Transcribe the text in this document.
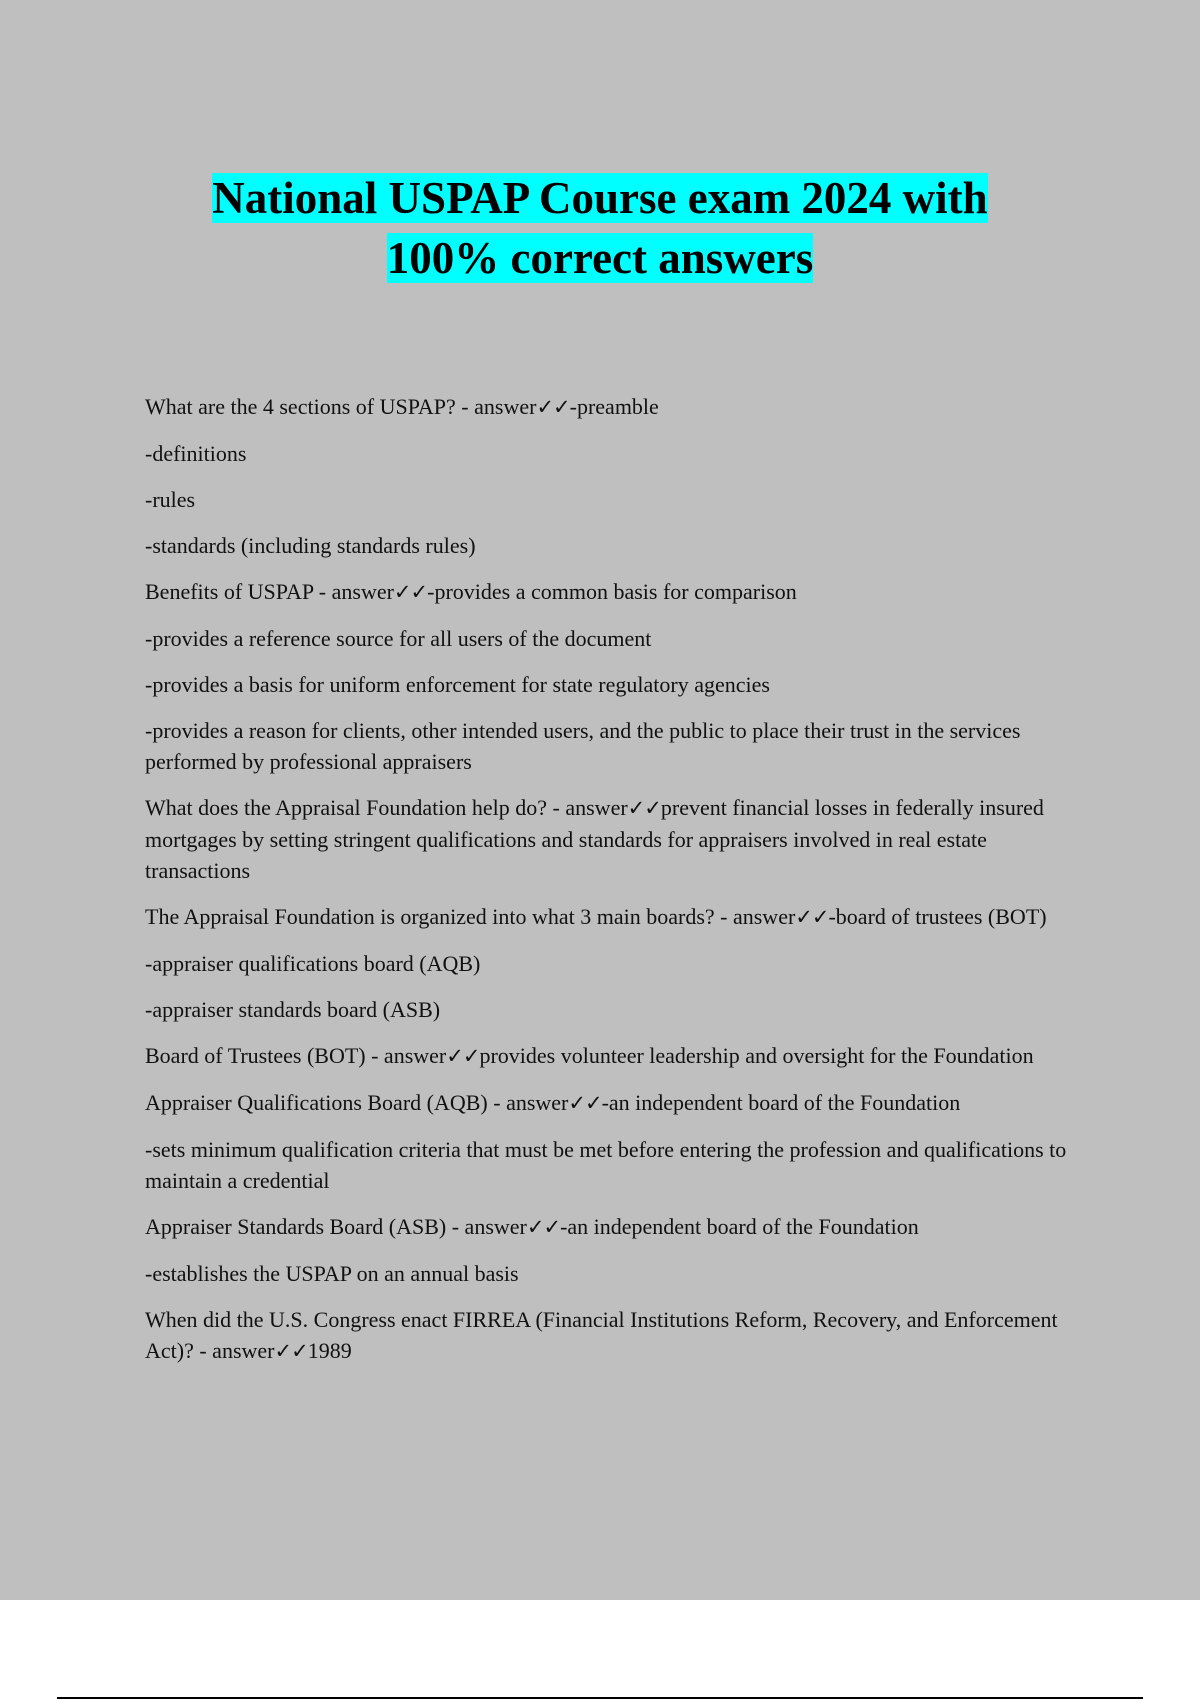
National USPAP Course exam 2024 with
100% correct answers

What are the 4 sections of USPAP? - answer✓✓-preamble

-definitions

-rules

-standards (including standards rules)

Benefits of USPAP - answer✓✓-provides a common basis for comparison

-provides a reference source for all users of the document

-provides a basis for uniform enforcement for state regulatory agencies

-provides a reason for clients, other intended users, and the public to place their trust in the services performed by professional appraisers

What does the Appraisal Foundation help do? - answer✓✓prevent financial losses in federally insured mortgages by setting stringent qualifications and standards for appraisers involved in real estate transactions

The Appraisal Foundation is organized into what 3 main boards? - answer✓✓-board of trustees (BOT)

-appraiser qualifications board (AQB)

-appraiser standards board (ASB)

Board of Trustees (BOT) - answer✓✓provides volunteer leadership and oversight for the Foundation

Appraiser Qualifications Board (AQB) - answer✓✓-an independent board of the Foundation

-sets minimum qualification criteria that must be met before entering the profession and qualifications to maintain a credential

Appraiser Standards Board (ASB) - answer✓✓-an independent board of the Foundation

-establishes the USPAP on an annual basis

When did the U.S. Congress enact FIRREA (Financial Institutions Reform, Recovery, and Enforcement Act)? - answer✓✓1989
